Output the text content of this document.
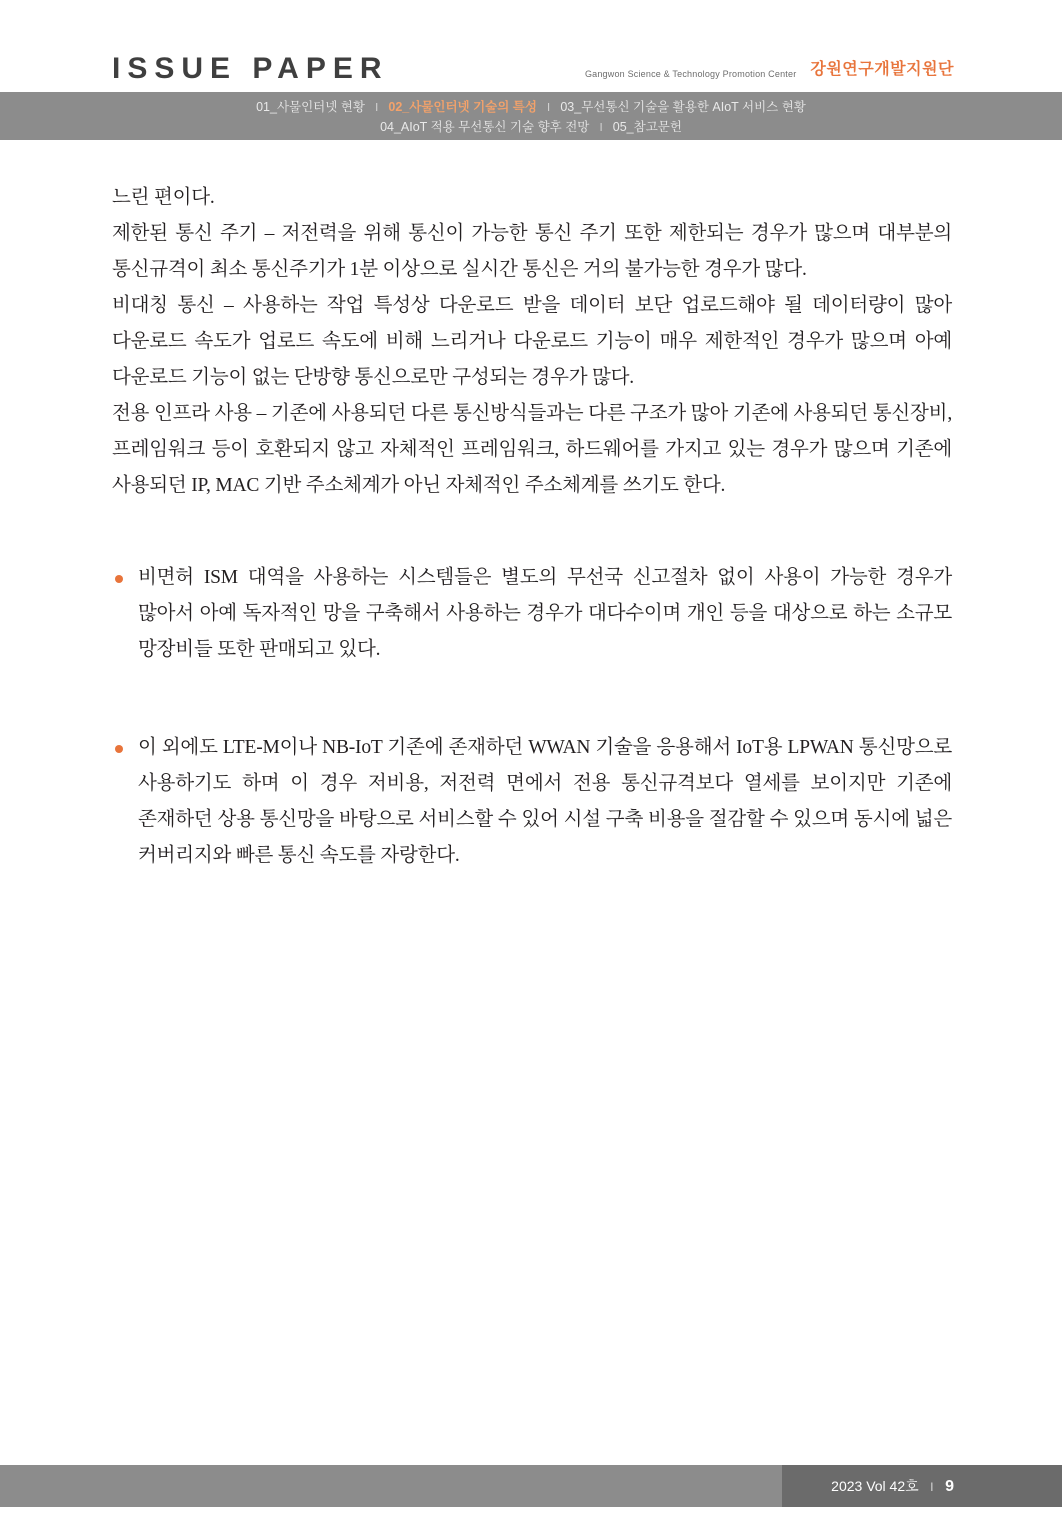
ISSUE PAPER	Gangwon Science & Technology Promotion Center 강원연구개발지원단
01_사물인터넷 현황 l 02_사물인터넷 기술의 특성 l 03_무선통신 기술을 활용한 AIoT 서비스 현황
04_AIoT 적용 무선통신 기술 향후 전망 l 05_참고문헌

느린 편이다.

제한된 통신 주기 – 저전력을 위해 통신이 가능한 통신 주기 또한 제한되는 경우가 많으며 대부분의 통신규격이 최소 통신주기가 1분 이상으로 실시간 통신은 거의 불가능한 경우가 많다.

비대칭 통신 – 사용하는 작업 특성상 다운로드 받을 데이터 보단 업로드해야 될 데이터량이 많아 다운로드 속도가 업로드 속도에 비해 느리거나 다운로드 기능이 매우 제한적인 경우가 많으며 아예 다운로드 기능이 없는 단방향 통신으로만 구성되는 경우가 많다.

전용 인프라 사용 – 기존에 사용되던 다른 통신방식들과는 다른 구조가 많아 기존에 사용되던 통신장비, 프레임워크 등이 호환되지 않고 자체적인 프레임워크, 하드웨어를 가지고 있는 경우가 많으며 기존에 사용되던 IP, MAC 기반 주소체계가 아닌 자체적인 주소체계를 쓰기도 한다.

비면허 ISM 대역을 사용하는 시스템들은 별도의 무선국 신고절차 없이 사용이 가능한 경우가 많아서 아예 독자적인 망을 구축해서 사용하는 경우가 대다수이며 개인 등을 대상으로 하는 소규모 망장비들 또한 판매되고 있다.

이 외에도 LTE-M이나 NB-IoT 기존에 존재하던 WWAN 기술을 응용해서 IoT용 LPWAN 통신망으로 사용하기도 하며 이 경우 저비용, 저전력 면에서 전용 통신규격보다 열세를 보이지만 기존에 존재하던 상용 통신망을 바탕으로 서비스할 수 있어 시설 구축 비용을 절감할 수 있으며 동시에 넓은 커버리지와 빠른 통신 속도를 자랑한다.

2023 Vol 42호 l 9
